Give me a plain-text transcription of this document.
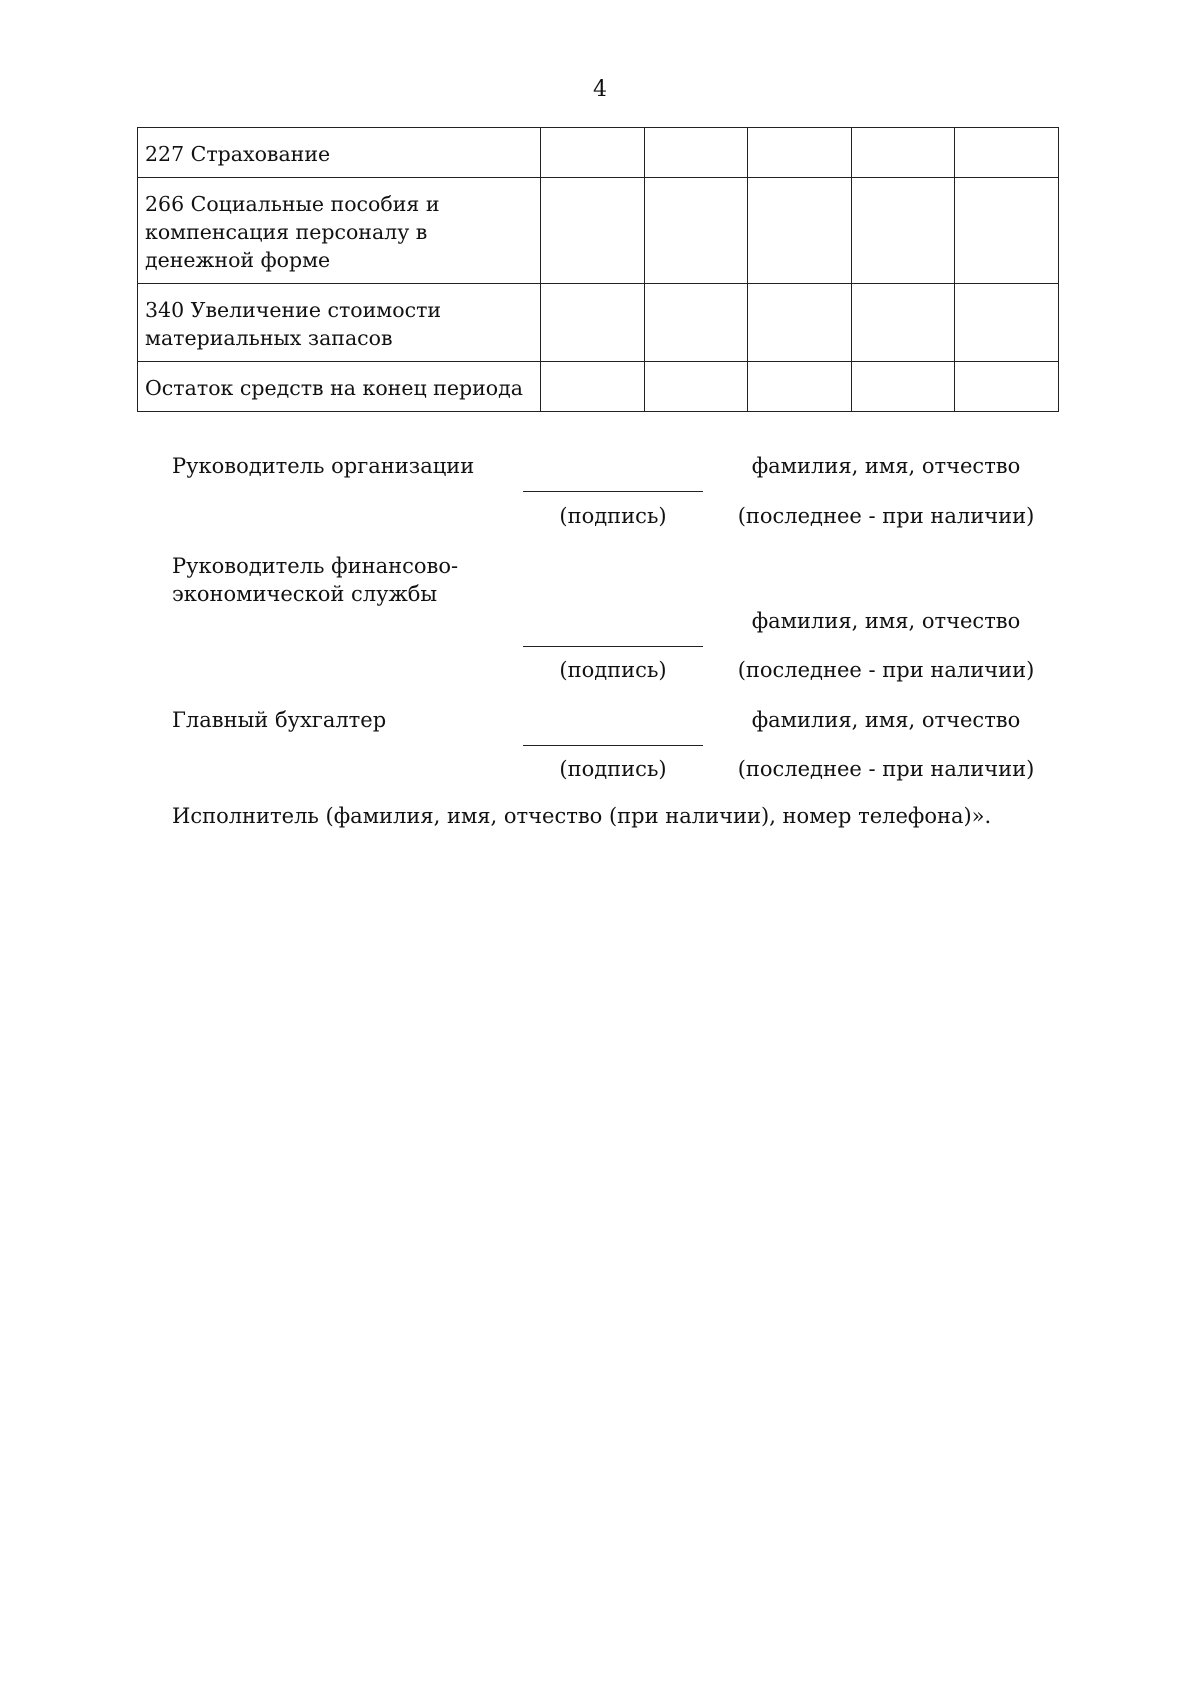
4
227 Страхование					
266 Социальные пособия и компенсация персоналу в денежной форме					
340 Увеличение стоимости материальных запасов					
Остаток средств на конец периода					
Руководитель организации	фамилия, имя, отчество
(подпись)	(последнее - при наличии)
Руководитель финансово-экономической службы
фамилия, имя, отчество
(подпись)	(последнее - при наличии)
Главный бухгалтер	фамилия, имя, отчество
(подпись)	(последнее - при наличии)
Исполнитель (фамилия, имя, отчество (при наличии), номер телефона)».
